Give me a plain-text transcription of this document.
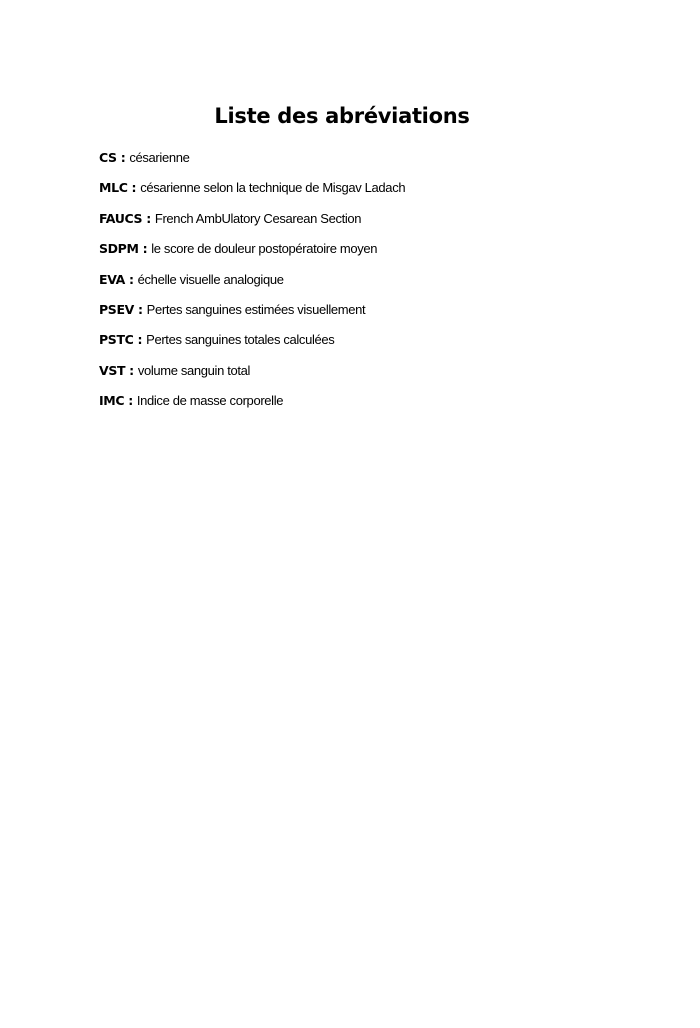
Liste des abréviations
CS : césarienne
MLC : césarienne selon la technique de Misgav Ladach
FAUCS : French AmbUlatory Cesarean Section
SDPM : le score de douleur postopératoire moyen
EVA : échelle visuelle analogique
PSEV : Pertes sanguines estimées visuellement
PSTC : Pertes sanguines totales calculées
VST : volume sanguin total
IMC : Indice de masse corporelle
